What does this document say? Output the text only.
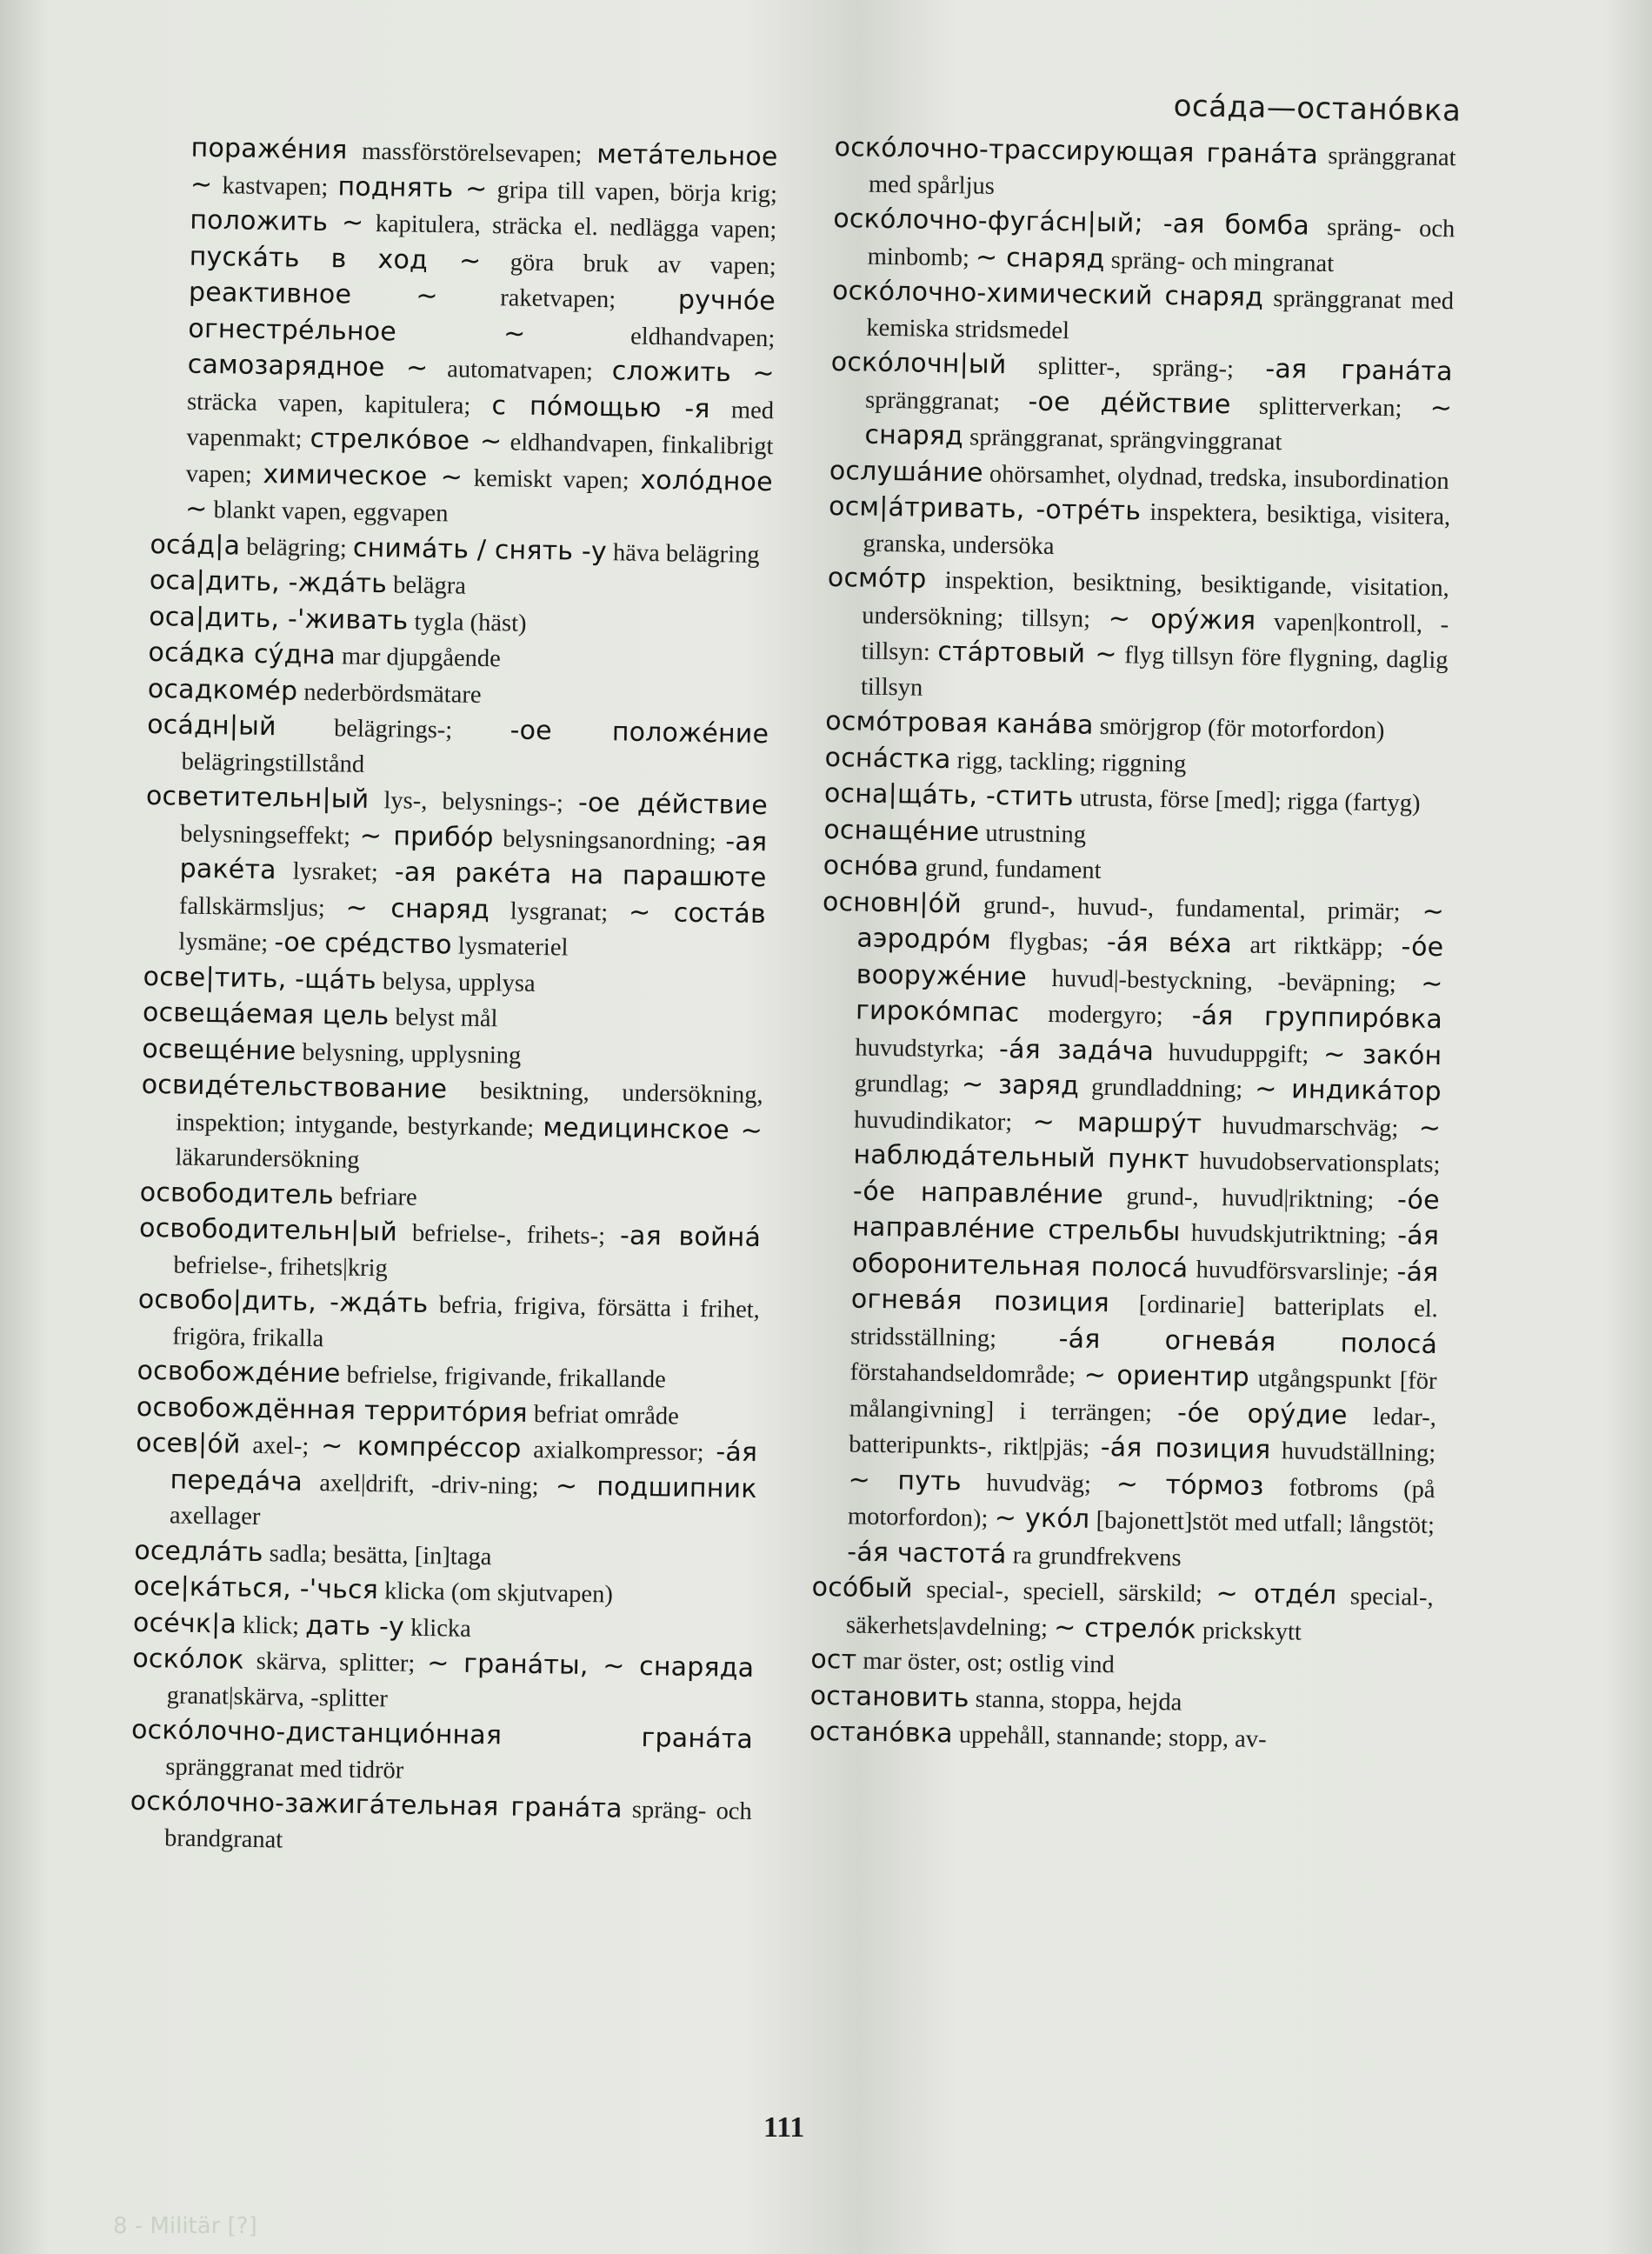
осáда—останóвка

поражéния massförstörelsevapen; метáтельное ~ kastvapen; поднять ~ gripa till vapen, börja krig; положить ~ kapitulera, sträcka el. nedlägga vapen; пускáть в ход ~ göra bruk av vapen; реактивное ~ raketvapen; ручнóе огнестрéльное ~ eldhandvapen; самозарядное ~ automatvapen; сложить ~ sträcka vapen, kapitulera; с пóмощью -я med vapenmakt; стрелкóвое ~ eldhandvapen, finkalibrigt vapen; химическое ~ kemiskt vapen; холóдное ~ blankt vapen, eggvapen

осáд|а belägring; снимáть / снять -у häva belägring

оса|дить, -ждáть belägra

оса|дить, -'живать tygla (häst)

осáдка сýдна mar djupgående

осадкомéр nederbördsmätare

осáдн|ый belägrings-; -ое положéние belägringstillstånd

осветительн|ый lys-, belysnings-; -ое дéйствие belysningseffekt; ~ прибóр belysningsanordning; -ая ракéта lysraket; -ая ракéта на парашюте fallskärmsljus; ~ снаряд lysgranat; ~ состáв lysmäne; -ое срéдство lysmateriel

осве|тить, -щáть belysa, upplysa

освещáемая цель belyst mål

освещéние belysning, upplysning

освидéтельствование besiktning, undersökning, inspektion; intygande, bestyrkande; медицинское ~ läkarundersökning

освободитель befriare

освободительн|ый befrielse-, frihets-; -ая войнá befrielse-, frihets|krig

освобо|дить, -ждáть befria, frigiva, försätta i frihet, frigöra, frikalla

освобождéние befrielse, frigivande, frikallande

освобождённая территóрия befriat område

осев|óй axel-; ~ компрéссор axialkompressor; -áя передáча axel|drift, -driv-ning; ~ подшипник axellager

оседлáть sadla; besätta, [in]taga

осе|кáться, -'чься klicka (om skjutvapen)

осéчк|а klick; дать -у klicka

оскóлок skärva, splitter; ~ гранáты, ~ снаряда granat|skärva, -splitter

оскóлочно-дистанциóнная гранáта spränggranat med tidrör

оскóлочно-зажигáтельная гранáта spräng- och brandgranat

оскóлочно-трассирующая гранáта spränggranat med spårljus

оскóлочно-фугáсн|ый; -ая бомба spräng- och minbomb; ~ снаряд spräng- och mingranat

оскóлочно-химический снаряд spränggranat med kemiska stridsmedel

оскóлочн|ый splitter-, spräng-; -ая гранáта spränggranat; -ое дéйствие splitterverkan; ~ снаряд spränggranat, sprängvinggranat

ослушáние ohörsamhet, olydnad, tredska, insubordination

осм|áтривать, -отрéть inspektera, besiktiga, visitera, granska, undersöka

осмóтр inspektion, besiktning, besiktigande, visitation, undersökning; tillsyn; ~ орýжия vapen|kontroll, -tillsyn: стáртовый ~ flyg tillsyn före flygning, daglig tillsyn

осмóтровая канáва smörjgrop (för motorfordon)

оснáстка rigg, tackling; riggning

осна|щáть, -стить utrusta, förse [med]; rigga (fartyg)

оснащéние utrustning

оснóва grund, fundament

основн|óй grund-, huvud-, fundamental, primär; ~ аэродрóм flygbas; -áя вéха art riktkäpp; -óе вооружéние huvud|-bestyckning, -beväpning; ~ гирокóмпас modergyro; -áя группирóвка huvudstyrka; -áя задáча huvuduppgift; ~ закóн grundlag; ~ заряд grundladdning; ~ индикáтор huvudindikator; ~ маршрýт huvudmarschväg; ~ наблюдáтельный пункт huvudobservationsplats; -óе направлéние grund-, huvud|riktning; -óе направлéние стрельбы huvudskjutriktning; -áя оборонительная полосá huvudförsvarslinje; -áя огневáя позиция [ordinarie] batteriplats el. stridsställning; -áя огневáя полосá förstahandseldområde; ~ ориентир utgångspunkt [för målangivning] i terrängen; -óе орýдие ledar-, batteripunkts-, rikt|pjäs; -áя позиция huvudställning; ~ путь huvudväg; ~ тóрмоз fotbroms (på motorfordon); ~ укóл [bajonett]stöt med utfall; långstöt; -áя частотá ra grundfrekvens

осóбый special-, speciell, särskild; ~ отдéл special-, säkerhets|avdelning; ~ стрелóк prickskytt

ост mar öster, ost; ostlig vind

остановить stanna, stoppa, hejda

останóвка uppehåll, stannande; stopp, av-

111
8 - Militär [?]
